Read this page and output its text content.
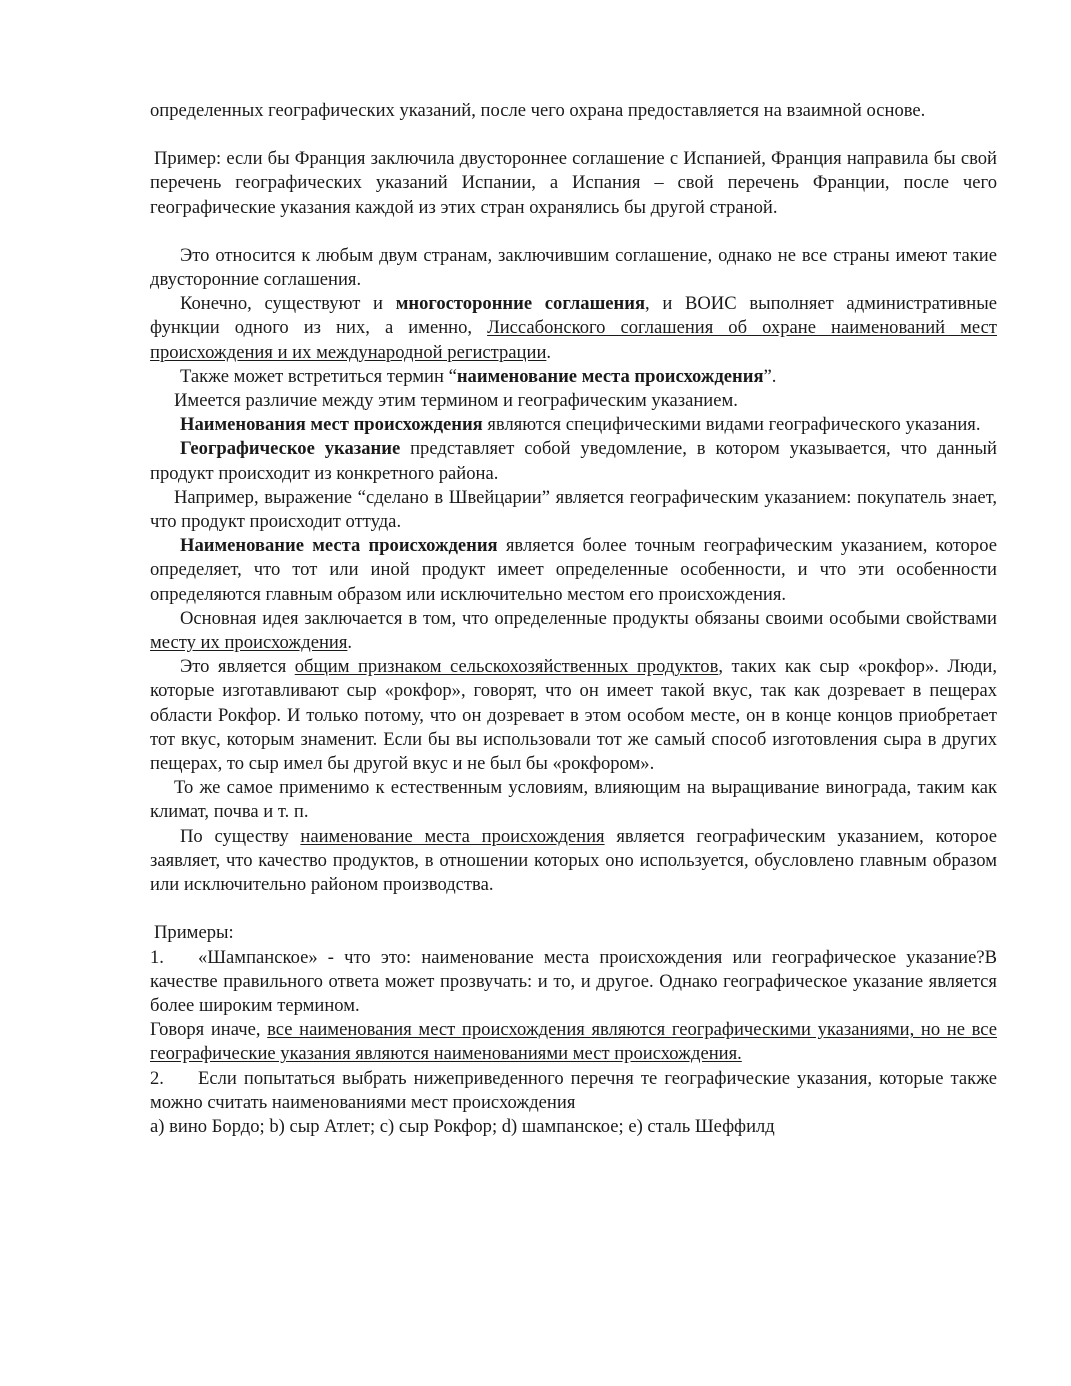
определенных географических указаний, после чего охрана предоставляется на взаимной основе.

Пример: если бы Франция заключила двустороннее соглашение с Испанией, Франция направила бы свой перечень географических указаний Испании, а Испания – свой перечень Франции, после чего географические указания каждой из этих стран охранялись бы другой страной.

Это относится к любым двум странам, заключившим соглашение, однако не все страны имеют такие двусторонние соглашения.

Конечно, существуют и многосторонние соглашения, и ВОИС выполняет административные функции одного из них, а именно, Лиссабонского соглашения об охране наименований мест происхождения и их международной регистрации.

Также может встретиться термин “наименование места происхождения”.

Имеется различие между этим термином и географическим указанием.

Наименования мест происхождения являются специфическими видами географического указания.

Географическое указание представляет собой уведомление, в котором указывается, что данный продукт происходит из конкретного района.

Например, выражение “сделано в Швейцарии” является географическим указанием: покупатель знает, что продукт происходит оттуда.

Наименование места происхождения является более точным географическим указанием, которое определяет, что тот или иной продукт имеет определенные особенности, и что эти особенности определяются главным образом или исключительно местом его происхождения.

Основная идея заключается в том, что определенные продукты обязаны своими особыми свойствами месту их происхождения.

Это является общим признаком сельскохозяйственных продуктов, таких как сыр «рокфор». Люди, которые изготавливают сыр «рокфор», говорят, что он имеет такой вкус, так как дозревает в пещерах области Рокфор. И только потому, что он дозревает в этом особом месте, он в конце концов приобретает тот вкус, которым знаменит. Если бы вы использовали тот же самый способ изготовления сыра в других пещерах, то сыр имел бы другой вкус и не был бы «рокфором».

То же самое применимо к естественным условиям, влияющим на выращивание винограда, таким как климат, почва и т. п.

По существу наименование места происхождения является географическим указанием, которое заявляет, что качество продуктов, в отношении которых оно используется, обусловлено главным образом или исключительно районом производства.

Примеры:

1. «Шампанское» - что это: наименование места происхождения или географическое указание?В качестве правильного ответа может прозвучать: и то, и другое. Однако географическое указание является более широким термином.

Говоря иначе, все наименования мест происхождения являются географическими указаниями, но не все географические указания являются наименованиями мест происхождения.

2. Если попытаться выбрать нижеприведенного перечня те географические указания, которые также можно считать наименованиями мест происхождения

а) вино Бордо; b) сыр Атлет; c) сыр Рокфор; d) шампанское; e) сталь Шеффилд
